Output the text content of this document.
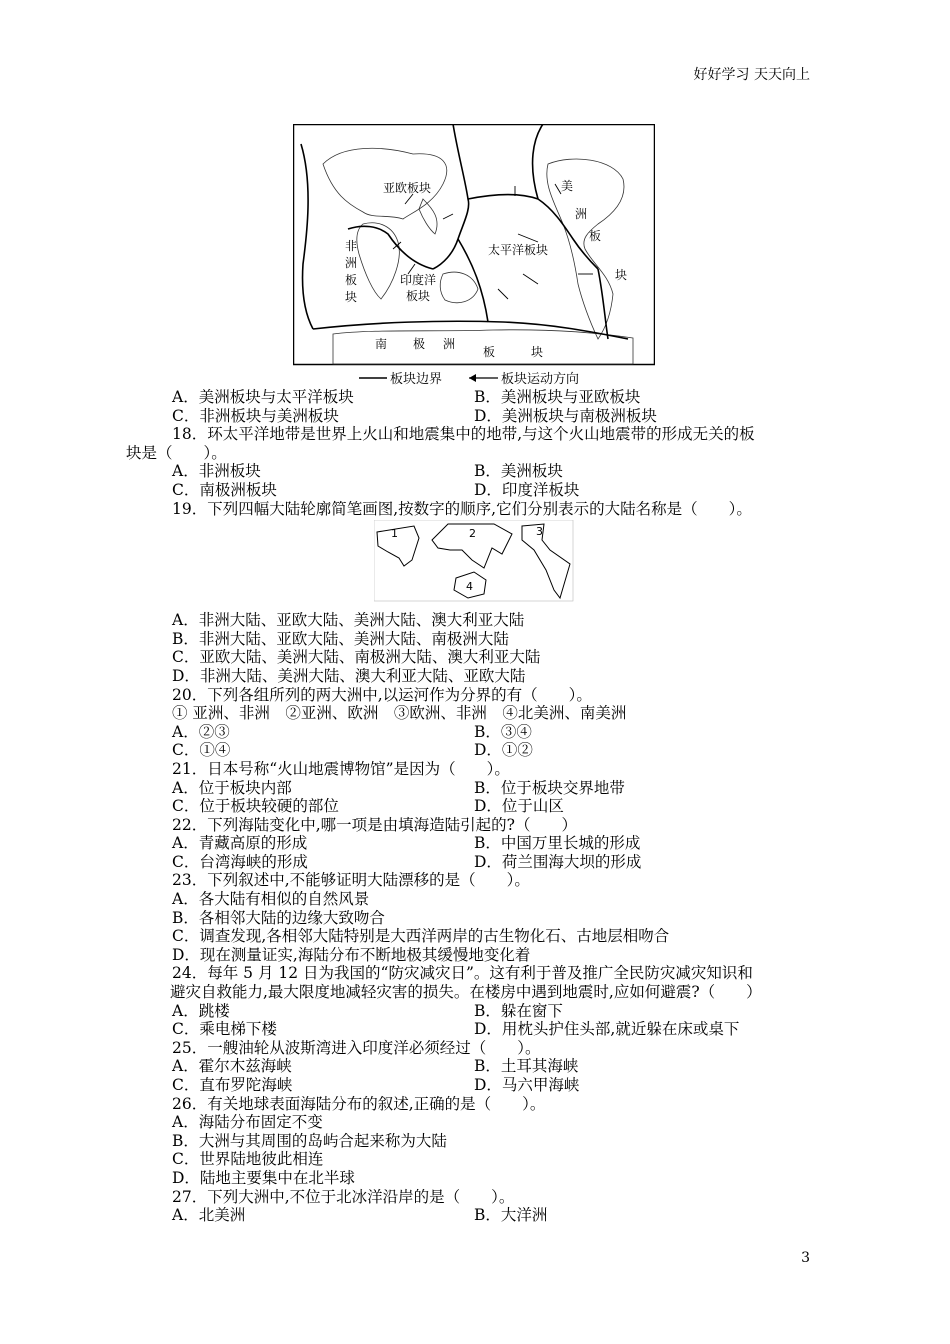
好好学习 天天向上
亚欧板块
非
洲
板
块
印度洋
板块
太平洋板块
美
洲
板
块
南 极 洲
板	块
板块边界	板块运动方向
1	2	3
4
A．美洲板块与太平洋板块	B．美洲板块与亚欧板块
C．非洲板块与美洲板块	D．美洲板块与南极洲板块
18．环太平洋地带是世界上火山和地震集中的地带,与这个火山地震带的形成无关的板
块是（　　）。
A．非洲板块	B．美洲板块
C．南极洲板块	D．印度洋板块
19．下列四幅大陆轮廓简笔画图,按数字的顺序,它们分别表示的大陆名称是（　　）。
A．非洲大陆、亚欧大陆、美洲大陆、澳大利亚大陆
B．非洲大陆、亚欧大陆、美洲大陆、南极洲大陆
C．亚欧大陆、美洲大陆、南极洲大陆、澳大利亚大陆
D．非洲大陆、美洲大陆、澳大利亚大陆、亚欧大陆
20．下列各组所列的两大洲中,以运河作为分界的有（　　）。
① 亚洲、非洲　②亚洲、欧洲　③欧洲、非洲　④北美洲、南美洲
A．②③	B．③④
C．①④	D．①②
21．日本号称“火山地震博物馆”是因为（　　）。
A．位于板块内部	B．位于板块交界地带
C．位于板块较硬的部位	D．位于山区
22．下列海陆变化中,哪一项是由填海造陆引起的?（　　）
A．青藏高原的形成	B．中国万里长城的形成
C．台湾海峡的形成	D．荷兰围海大坝的形成
23．下列叙述中,不能够证明大陆漂移的是（　　）。
A．各大陆有相似的自然风景
B．各相邻大陆的边缘大致吻合
C．调查发现,各相邻大陆特别是大西洋两岸的古生物化石、古地层相吻合
D．现在测量证实,海陆分布不断地极其缓慢地变化着
24．每年 5 月 12 日为我国的“防灾减灾日”。这有利于普及推广全民防灾减灾知识和
避灾自救能力,最大限度地减轻灾害的损失。在楼房中遇到地震时,应如何避震?（　　）
A．跳楼	B．躲在窗下
C．乘电梯下楼	D．用枕头护住头部,就近躲在床或桌下
25．一艘油轮从波斯湾进入印度洋必须经过（　　）。
A．霍尔木兹海峡	B．土耳其海峡
C．直布罗陀海峡	D．马六甲海峡
26．有关地球表面海陆分布的叙述,正确的是（　　）。
A．海陆分布固定不变
B．大洲与其周围的岛屿合起来称为大陆
C．世界陆地彼此相连
D．陆地主要集中在北半球
27．下列大洲中,不位于北冰洋沿岸的是（　　）。
A．北美洲	B．大洋洲
3
